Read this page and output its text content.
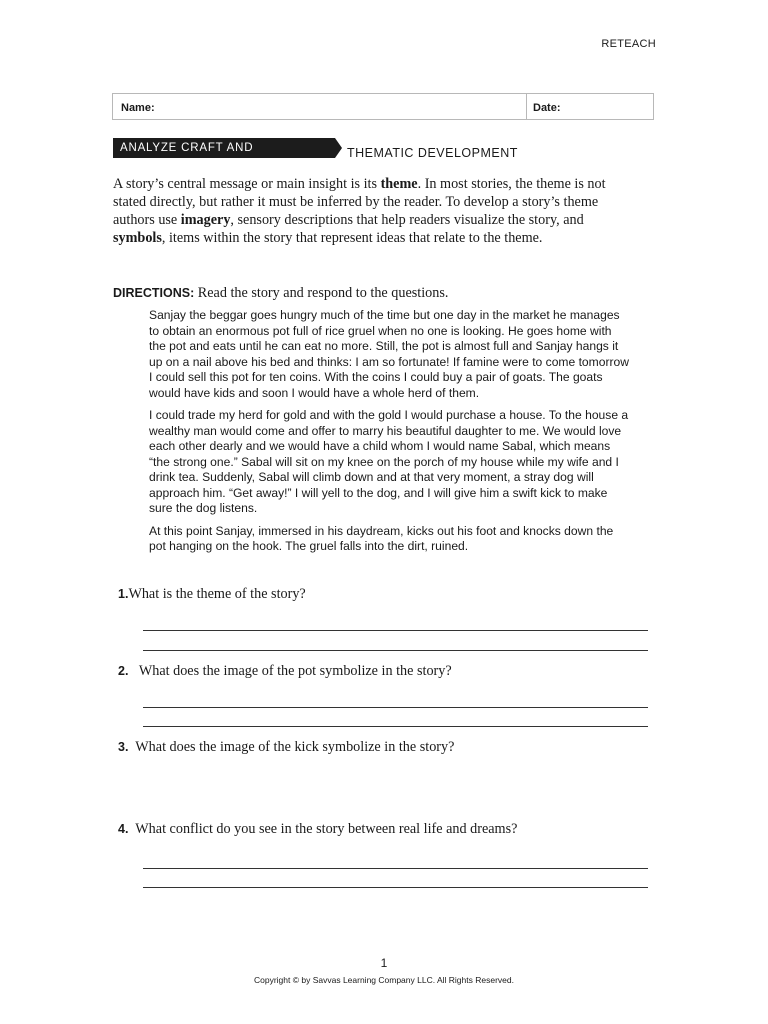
RETEACH
Name:	Date:
ANALYZE CRAFT AND STRUCTURE
THEMATIC DEVELOPMENT

A story’s central message or main insight is its theme. In most stories, the theme is not stated directly, but rather it must be inferred by the reader. To develop a story’s theme authors use imagery, sensory descriptions that help readers visualize the story, and symbols, items within the story that represent ideas that relate to the theme.

DIRECTIONS: Read the story and respond to the questions.

Sanjay the beggar goes hungry much of the time but one day in the market he manages to obtain an enormous pot full of rice gruel when no one is looking. He goes home with the pot and eats until he can eat no more. Still, the pot is almost full and Sanjay hangs it up on a nail above his bed and thinks: I am so fortunate! If famine were to come tomorrow I could sell this pot for ten coins. With the coins I could buy a pair of goats. The goats would have kids and soon I would have a whole herd of them.

I could trade my herd for gold and with the gold I would purchase a house. To the house a wealthy man would come and offer to marry his beautiful daughter to me. We would love each other dearly and we would have a child whom I would name Sabal, which means “the strong one.” Sabal will sit on my knee on the porch of my house while my wife and I drink tea. Suddenly, Sabal will climb down and at that very moment, a stray dog will approach him. “Get away!” I will yell to the dog, and I will give him a swift kick to make sure the dog listens.

At this point Sanjay, immersed in his daydream, kicks out his foot and knocks down the pot hanging on the hook. The gruel falls into the dirt, ruined.

1.What is the theme of the story?
2. What does the image of the pot symbolize in the story?
3. What does the image of the kick symbolize in the story?
4. What conflict do you see in the story between real life and dreams?
1
Copyright © by Savvas Learning Company LLC. All Rights Reserved.
